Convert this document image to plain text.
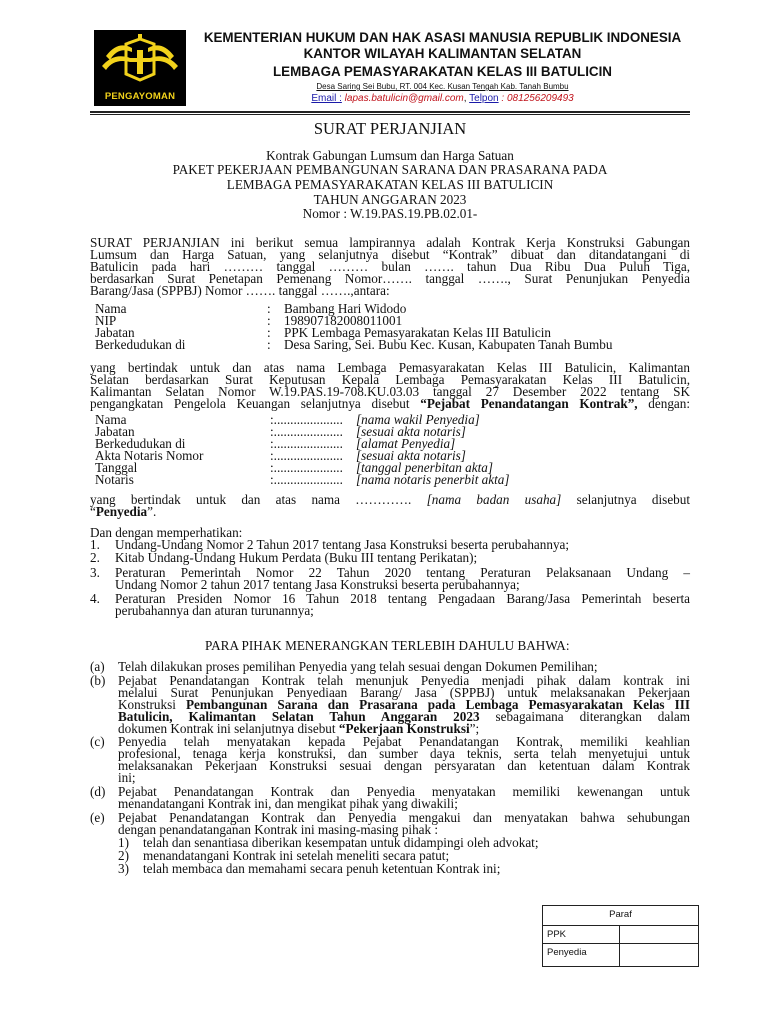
PENGAYOMAN
KEMENTERIAN HUKUM DAN HAK ASASI MANUSIA REPUBLIK INDONESIA
KANTOR WILAYAH KALIMANTAN SELATAN
LEMBAGA PEMASYARAKATAN KELAS III BATULICIN
Desa Saring Sei Bubu, RT. 004 Kec. Kusan Tengah Kab. Tanah Bumbu
Email : lapas.batulicin@gmail.com, Telpon : 081256209493
SURAT PERJANJIAN
Kontrak Gabungan Lumsum dan Harga Satuan
PAKET PEKERJAAN PEMBANGUNAN SARANA DAN PRASARANA PADA
LEMBAGA PEMASYARAKATAN KELAS III BATULICIN
TAHUN ANGGARAN 2023
Nomor : W.19.PAS.19.PB.02.01-
SURAT PERJANJIAN ini berikut semua lampirannya adalah Kontrak Kerja Konstruksi Gabungan
Lumsum dan Harga Satuan, yang selanjutnya disebut “Kontrak” dibuat dan ditandatangani di
Batulicin pada hari ……… tanggal ……… bulan ……. tahun Dua Ribu Dua Puluh Tiga,
berdasarkan Surat Penetapan Pemenang Nomor……. tanggal ……., Surat Penunjukan Penyedia
Barang/Jasa (SPPBJ) Nomor ……. tanggal …….,antara:
Nama	: Bambang Hari Widodo
NIP	: 198907182008011001
Jabatan	: PPK Lembaga Pemasyarakatan Kelas III Batulicin
Berkedudukan di	: Desa Saring, Sei. Bubu Kec. Kusan, Kabupaten Tanah Bumbu
yang bertindak untuk dan atas nama Lembaga Pemasyarakatan Kelas III Batulicin, Kalimantan
Selatan berdasarkan Surat Keputusan Kepala Lembaga Pemasyarakatan Kelas III Batulicin,
Kalimantan Selatan Nomor W.19.PAS.19-708.KU.03.03 tanggal 27 Desember 2022 tentang SK
pengangkatan Pengelola Keuangan selanjutnya disebut “Pejabat Penandatangan Kontrak”, dengan:
Nama	:..................... [nama wakil Penyedia]
Jabatan	:..................... [sesuai akta notaris]
Berkedudukan di	:..................... [alamat Penyedia]
Akta Notaris Nomor	:..................... [sesuai akta notaris]
Tanggal	:..................... [tanggal penerbitan akta]
Notaris	:..................... [nama notaris penerbit akta]
yang bertindak untuk dan atas nama …………. [nama badan usaha] selanjutnya disebut
“Penyedia”.
Dan dengan memperhatikan:
1. Undang-Undang Nomor 2 Tahun 2017 tentang Jasa Konstruksi beserta perubahannya;
2. Kitab Undang-Undang Hukum Perdata (Buku III tentang Perikatan);
3. Peraturan Pemerintah Nomor 22 Tahun 2020 tentang Peraturan Pelaksanaan Undang –
Undang Nomor 2 tahun 2017 tentang Jasa Konstruksi beserta perubahannya;
4. Peraturan Presiden Nomor 16 Tahun 2018 tentang Pengadaan Barang/Jasa Pemerintah beserta
perubahannya dan aturan turunannya;
PARA PIHAK MENERANGKAN TERLEBIH DAHULU BAHWA:
(a) Telah dilakukan proses pemilihan Penyedia yang telah sesuai dengan Dokumen Pemilihan;
(b) Pejabat Penandatangan Kontrak telah menunjuk Penyedia menjadi pihak dalam kontrak ini
melalui Surat Penunjukan Penyediaan Barang/ Jasa (SPPBJ) untuk melaksanakan Pekerjaan
Konstruksi Pembangunan Sarana dan Prasarana pada Lembaga Pemasyarakatan Kelas III
Batulicin, Kalimantan Selatan Tahun Anggaran 2023 sebagaimana diterangkan dalam
dokumen Kontrak ini selanjutnya disebut “Pekerjaan Konstruksi”;
(c) Penyedia telah menyatakan kepada Pejabat Penandatangan Kontrak, memiliki keahlian
profesional, tenaga kerja konstruksi, dan sumber daya teknis, serta telah menyetujui untuk
melaksanakan Pekerjaan Konstruksi sesuai dengan persyaratan dan ketentuan dalam Kontrak
ini;
(d) Pejabat Penandatangan Kontrak dan Penyedia menyatakan memiliki kewenangan untuk
menandatangani Kontrak ini, dan mengikat pihak yang diwakili;
(e) Pejabat Penandatangan Kontrak dan Penyedia mengakui dan menyatakan bahwa sehubungan
dengan penandatanganan Kontrak ini masing-masing pihak :
1) telah dan senantiasa diberikan kesempatan untuk didampingi oleh advokat;
2) menandatangani Kontrak ini setelah meneliti secara patut;
3) telah membaca dan memahami secara penuh ketentuan Kontrak ini;
Paraf
PPK
Penyedia
